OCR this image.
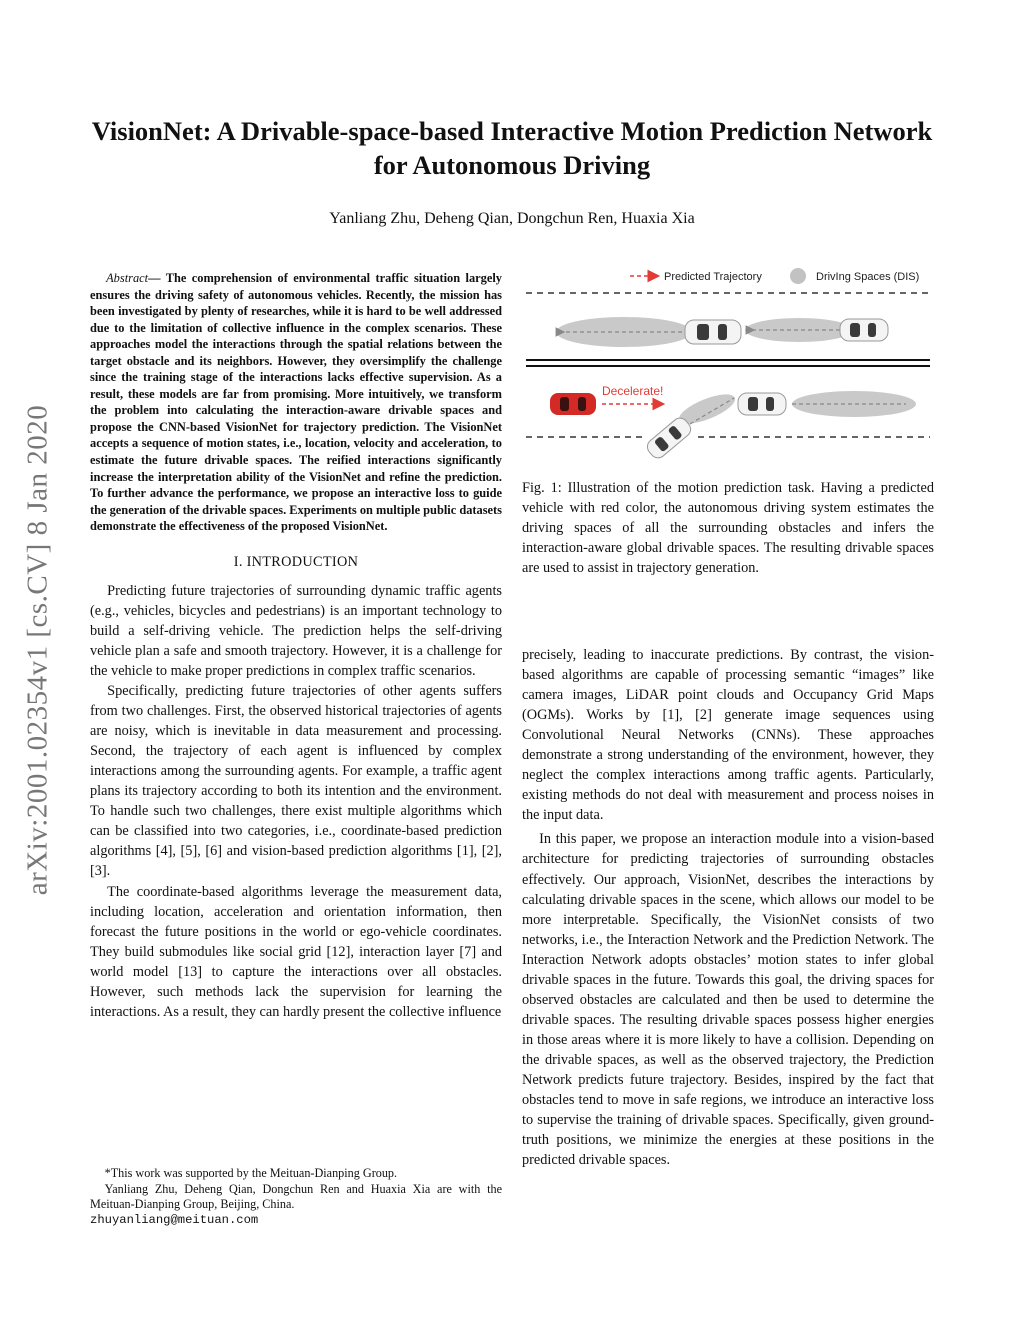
arXiv:2001.02354v1 [cs.CV] 8 Jan 2020
VisionNet: A Drivable-space-based Interactive Motion Prediction Network for Autonomous Driving
Yanliang Zhu, Deheng Qian, Dongchun Ren, Huaxia Xia

Abstract— The comprehension of environmental traffic situation largely ensures the driving safety of autonomous vehicles. Recently, the mission has been investigated by plenty of researches, while it is hard to be well addressed due to the limitation of collective influence in the complex scenarios. These approaches model the interactions through the spatial relations between the target obstacle and its neighbors. However, they oversimplify the challenge since the training stage of the interactions lacks effective supervision. As a result, these models are far from promising. More intuitively, we transform the problem into calculating the interaction-aware drivable spaces and propose the CNN-based VisionNet for trajectory prediction. The VisionNet accepts a sequence of motion states, i.e., location, velocity and acceleration, to estimate the future drivable spaces. The reified interactions significantly increase the interpretation ability of the VisionNet and refine the prediction. To further advance the performance, we propose an interactive loss to guide the generation of the drivable spaces. Experiments on multiple public datasets demonstrate the effectiveness of the proposed VisionNet.

I. INTRODUCTION

Predicting future trajectories of surrounding dynamic traffic agents (e.g., vehicles, bicycles and pedestrians) is an important technology to build a self-driving vehicle. The prediction helps the self-driving vehicle plan a safe and smooth trajectory. However, it is a challenge for the vehicle to make proper predictions in complex traffic scenarios.

Specifically, predicting future trajectories of other agents suffers from two challenges. First, the observed historical trajectories of agents are noisy, which is inevitable in data measurement and processing. Second, the trajectory of each agent is influenced by complex interactions among the surrounding agents. For example, a traffic agent plans its trajectory according to both its intention and the environment. To handle such two challenges, there exist multiple algorithms which can be classified into two categories, i.e., coordinate-based prediction algorithms [4], [5], [6] and vision-based prediction algorithms [1], [2], [3].

The coordinate-based algorithms leverage the measurement data, including location, acceleration and orientation information, then forecast the future positions in the world or ego-vehicle coordinates. They build submodules like social grid [12], interaction layer [7] and world model [13] to capture the interactions over all obstacles. However, such methods lack the supervision for learning the interactions. As a result, they can hardly present the collective influence

*This work was supported by the Meituan-Dianping Group.

Yanliang Zhu, Deheng Qian, Dongchun Ren and Huaxia Xia are with the Meituan-Dianping Group, Beijing, China.

zhuyanliang@meituan.com
Predicted Trajectory	DrivIng Spaces (DIS)
Decelerate!
Fig. 1: Illustration of the motion prediction task. Having a predicted vehicle with red color, the autonomous driving system estimates the driving spaces of all the surrounding obstacles and infers the interaction-aware global drivable spaces. The resulting drivable spaces are used to assist in trajectory generation.

precisely, leading to inaccurate predictions. By contrast, the vision-based algorithms are capable of processing semantic “images” like camera images, LiDAR point clouds and Occupancy Grid Maps (OGMs). Works by [1], [2] generate image sequences using Convolutional Neural Networks (CNNs). These approaches demonstrate a strong understanding of the environment, however, they neglect the complex interactions among traffic agents. Particularly, existing methods do not deal with measurement and process noises in the input data.

In this paper, we propose an interaction module into a vision-based architecture for predicting trajectories of surrounding obstacles effectively. Our approach, VisionNet, describes the interactions by calculating drivable spaces in the scene, which allows our model to be more interpretable. Specifically, the VisionNet consists of two networks, i.e., the Interaction Network and the Prediction Network. The Interaction Network adopts obstacles’ motion states to infer global drivable spaces in the future. Towards this goal, the driving spaces for observed obstacles are calculated and then be used to determine the drivable spaces. The resulting drivable spaces possess higher energies in those areas where it is more likely to have a collision. Depending on the drivable spaces, as well as the observed trajectory, the Prediction Network predicts future trajectory. Besides, inspired by the fact that obstacles tend to move in safe regions, we introduce an interactive loss to supervise the training of drivable spaces. Specifically, given ground-truth positions, we minimize the energies at these positions in the predicted drivable spaces.
